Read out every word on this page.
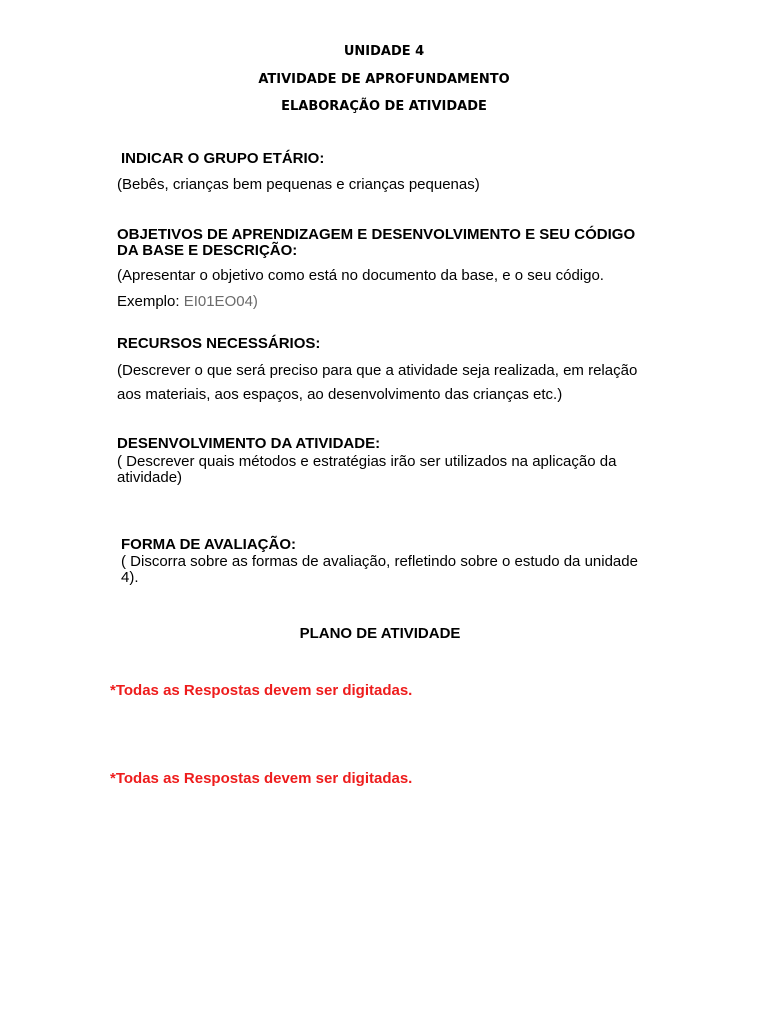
UNIDADE 4
ATIVIDADE DE APROFUNDAMENTO
ELABORAÇÃO DE ATIVIDADE
INDICAR O GRUPO ETÁRIO:
(Bebês, crianças bem pequenas e crianças pequenas)
OBJETIVOS DE APRENDIZAGEM E DESENVOLVIMENTO E SEU CÓDIGO
DA BASE E DESCRIÇÃO:
(Apresentar o objetivo como está no documento da base, e o seu código.
Exemplo: EI01EO04)
RECURSOS NECESSÁRIOS:
(Descrever o que será preciso para que a atividade seja realizada, em relação
aos materiais, aos espaços, ao desenvolvimento das crianças etc.)
DESENVOLVIMENTO DA ATIVIDADE:
( Descrever quais métodos e estratégias irão ser utilizados na aplicação da
atividade)
FORMA DE AVALIAÇÃO:
( Discorra sobre as formas de avaliação, refletindo sobre o estudo da unidade
4).
PLANO DE ATIVIDADE
*Todas as Respostas devem ser digitadas.
*Todas as Respostas devem ser digitadas.
